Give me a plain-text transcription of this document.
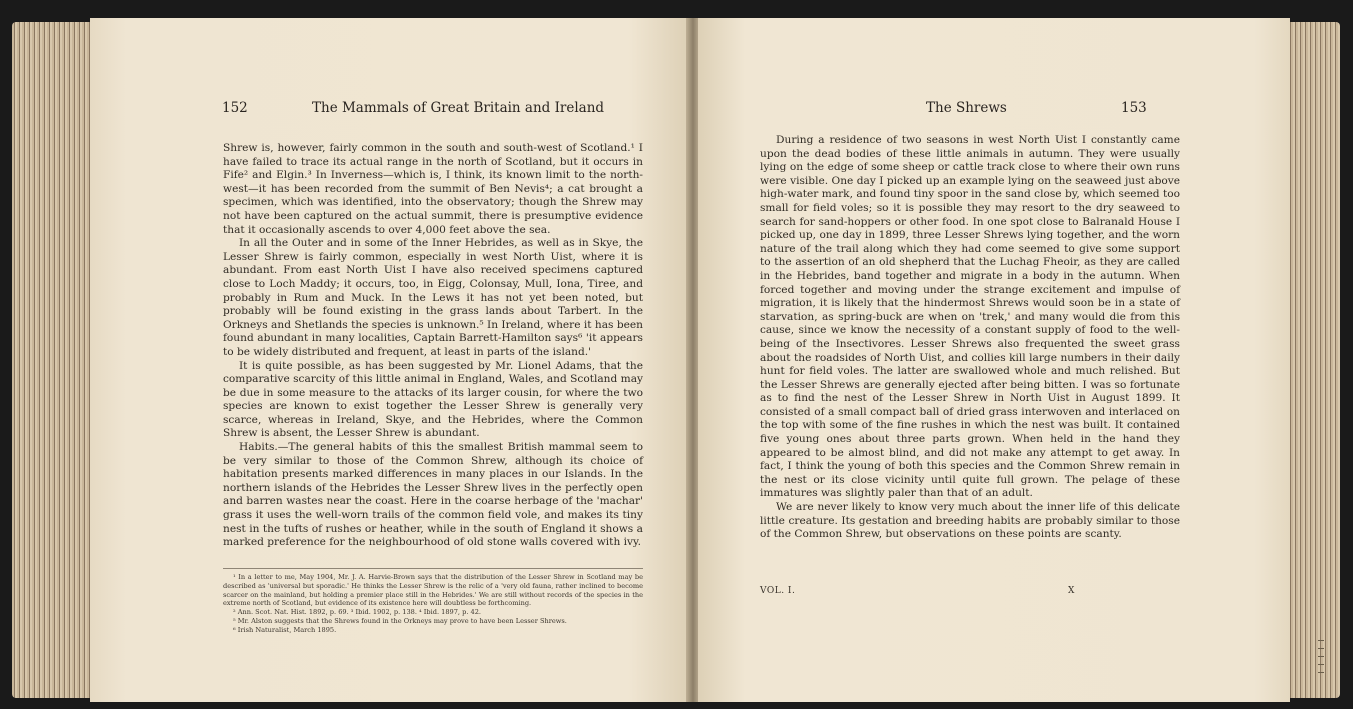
152	The Mammals of Great Britain and Ireland

Shrew is, however, fairly common in the south and south-west of Scotland.¹ I have failed to trace its actual range in the north of Scotland, but it occurs in Fife² and Elgin.³ In Inverness—which is, I think, its known limit to the north-west—it has been recorded from the summit of Ben Nevis⁴; a cat brought a specimen, which was identified, into the observatory; though the Shrew may not have been captured on the actual summit, there is presumptive evidence that it occasionally ascends to over 4,000 feet above the sea.

In all the Outer and in some of the Inner Hebrides, as well as in Skye, the Lesser Shrew is fairly common, especially in west North Uist, where it is abundant. From east North Uist I have also received specimens captured close to Loch Maddy; it occurs, too, in Eigg, Colonsay, Mull, Iona, Tiree, and probably in Rum and Muck. In the Lews it has not yet been noted, but probably will be found existing in the grass lands about Tarbert. In the Orkneys and Shetlands the species is unknown.⁵ In Ireland, where it has been found abundant in many localities, Captain Barrett-Hamilton says⁶ 'it appears to be widely distributed and frequent, at least in parts of the island.'

It is quite possible, as has been suggested by Mr. Lionel Adams, that the comparative scarcity of this little animal in England, Wales, and Scotland may be due in some measure to the attacks of its larger cousin, for where the two species are known to exist together the Lesser Shrew is generally very scarce, whereas in Ireland, Skye, and the Hebrides, where the Common Shrew is absent, the Lesser Shrew is abundant.

Habits.—The general habits of this the smallest British mammal seem to be very similar to those of the Common Shrew, although its choice of habitation presents marked differences in many places in our Islands. In the northern islands of the Hebrides the Lesser Shrew lives in the perfectly open and barren wastes near the coast. Here in the coarse herbage of the 'machar' grass it uses the well-worn trails of the common field vole, and makes its tiny nest in the tufts of rushes or heather, while in the south of England it shows a marked preference for the neighbourhood of old stone walls covered with ivy.

¹ In a letter to me, May 1904, Mr. J. A. Harvie-Brown says that the distribution of the Lesser Shrew in Scotland may be described as 'universal but sporadic.' He thinks the Lesser Shrew is the relic of a 'very old fauna, rather inclined to become scarcer on the mainland, but holding a premier place still in the Hebrides.' We are still without records of the species in the extreme north of Scotland, but evidence of its existence here will doubtless be forthcoming.

² Ann. Scot. Nat. Hist. 1892, p. 69. ³ Ibid. 1902, p. 138. ⁴ Ibid. 1897, p. 42.

⁵ Mr. Alston suggests that the Shrews found in the Orkneys may prove to have been Lesser Shrews.

⁶ Irish Naturalist, March 1895.

The Shrews	153

During a residence of two seasons in west North Uist I constantly came upon the dead bodies of these little animals in autumn. They were usually lying on the edge of some sheep or cattle track close to where their own runs were visible. One day I picked up an example lying on the seaweed just above high-water mark, and found tiny spoor in the sand close by, which seemed too small for field voles; so it is possible they may resort to the dry seaweed to search for sand-hoppers or other food. In one spot close to Balranald House I picked up, one day in 1899, three Lesser Shrews lying together, and the worn nature of the trail along which they had come seemed to give some support to the assertion of an old shepherd that the Luchag Fheoir, as they are called in the Hebrides, band together and migrate in a body in the autumn. When forced together and moving under the strange excitement and impulse of migration, it is likely that the hindermost Shrews would soon be in a state of starvation, as spring-buck are when on 'trek,' and many would die from this cause, since we know the necessity of a constant supply of food to the well-being of the Insectivores. Lesser Shrews also frequented the sweet grass about the roadsides of North Uist, and collies kill large numbers in their daily hunt for field voles. The latter are swallowed whole and much relished. But the Lesser Shrews are generally ejected after being bitten. I was so fortunate as to find the nest of the Lesser Shrew in North Uist in August 1899. It consisted of a small compact ball of dried grass interwoven and interlaced on the top with some of the fine rushes in which the nest was built. It contained five young ones about three parts grown. When held in the hand they appeared to be almost blind, and did not make any attempt to get away. In fact, I think the young of both this species and the Common Shrew remain in the nest or its close vicinity until quite full grown. The pelage of these immatures was slightly paler than that of an adult.

We are never likely to know very much about the inner life of this delicate little creature. Its gestation and breeding habits are probably similar to those of the Common Shrew, but observations on these points are scanty.

VOL. I.	X
